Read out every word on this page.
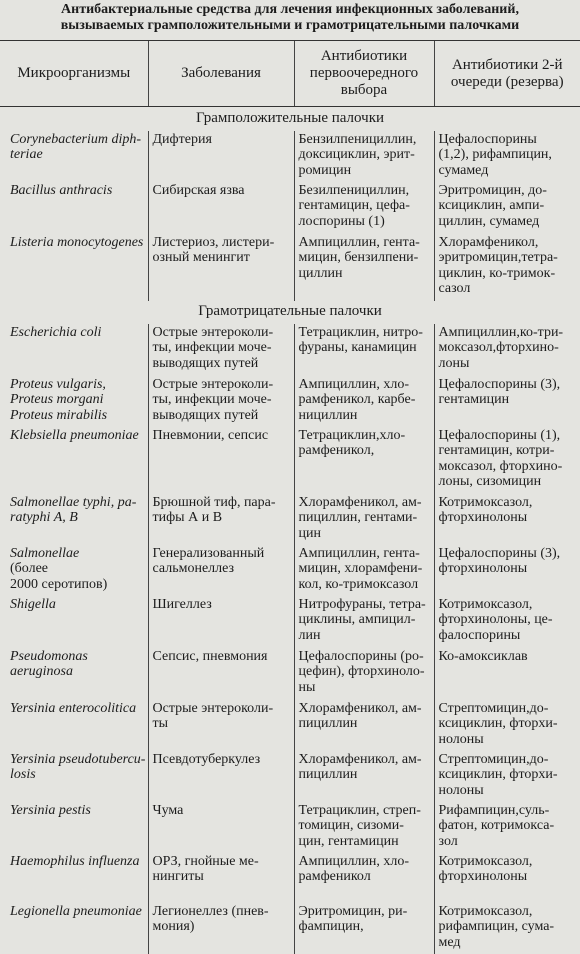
Антибактериальные средства для лечения инфекционных заболеваний,
вызываемых грамположительными и грамотрицательными палочками
Микроорганизмы	Заболевания	Антибиотики
первоочередного
выбора	Антибиотики 2-й
очереди (резерва)

Грамположительные палочки			

Corynebacterium diph-
teriae	Дифтерия	Бензилпенициллин,
доксициклин, эрит-
ромицин	Цефалоспорины
(1,2), рифампицин,
сумамед

Bacillus anthracis	Сибирская язва	Безилпенициллин,
гентамицин, цефа-
лоспорины (1)	Эритромицин, до-
ксициклин, ампи-
циллин, сумамед

Listeria monocytogenes	Листериоз, листери-
озный менингит	Ампициллин, гента-
мицин, бензилпени-
циллин	Хлорамфеникол,
эритромицин,тетра-
циклин, ко-тримок-
сазол

Грамотрицательные палочки			

Escherichia coli	Острые энтероколи-
ты, инфекции моче-
выводящих путей	Тетрациклин, нитро-
фураны, канамицин	Ампициллин,ко-три-
моксазол,фторхино-
лоны

Proteus vulgaris,
Proteus morgani
Proteus mirabilis	Острые энтероколи-
ты, инфекции моче-
выводящих путей	Ампициллин, хло-
рамфеникол, карбе-
нициллин	Цефалоспорины (3),
гентамицин

Klebsiella pneumoniae	Пневмонии, сепсис	Тетрациклин,хло-
рамфеникол,	Цефалоспорины (1),
гентамицин, котри-
моксазол, фторхино-
лоны, сизомицин

Salmonellae typhi, pa-
ratyphi A, B	Брюшной тиф, пара-
тифы А и В	Хлорамфеникол, ам-
пициллин, гентами-
цин	Котримоксазол,
фторхинолоны

Salmonellae
(более
2000 серотипов)	Генерализованный
сальмонеллез	Ампициллин, гента-
мицин, хлорамфени-
кол, ко-тримоксазол	Цефалоспорины (3),
фторхинолоны

Shigella	Шигеллез	Нитрофураны, тетра-
циклины, ампицил-
лин	Котримоксазол,
фторхинолоны, це-
фалоспорины

Pseudomonas
aeruginosa	Сепсис, пневмония	Цефалоспорины (ро-
цефин), фторхиноло-
ны	Ко-амоксиклав

Yersinia enterocolitica	Острые энтероколи-
ты	Хлорамфеникол, ам-
пициллин	Стрептомицин,до-
ксициклин, фторхи-
нолоны

Yersinia pseudotubercu-
losis	Псевдотуберкулез	Хлорамфеникол, ам-
пициллин	Стрептомицин,до-
ксициклин, фторхи-
нолоны

Yersinia pestis	Чума	Тетрациклин, стреп-
томицин, сизоми-
цин, гентамицин	Рифампицин,суль-
фатон, котримокса-
зол

Haemophilus influenza	ОРЗ, гнойные ме-
нингиты	Ампициллин, хло-
рамфеникол	Котримоксазол,
фторхинолоны

Legionella pneumoniae	Легионеллез (пнев-
мония)	Эритромицин, ри-
фампицин,	Котримоксазол,
рифампицин, сума-
мед
